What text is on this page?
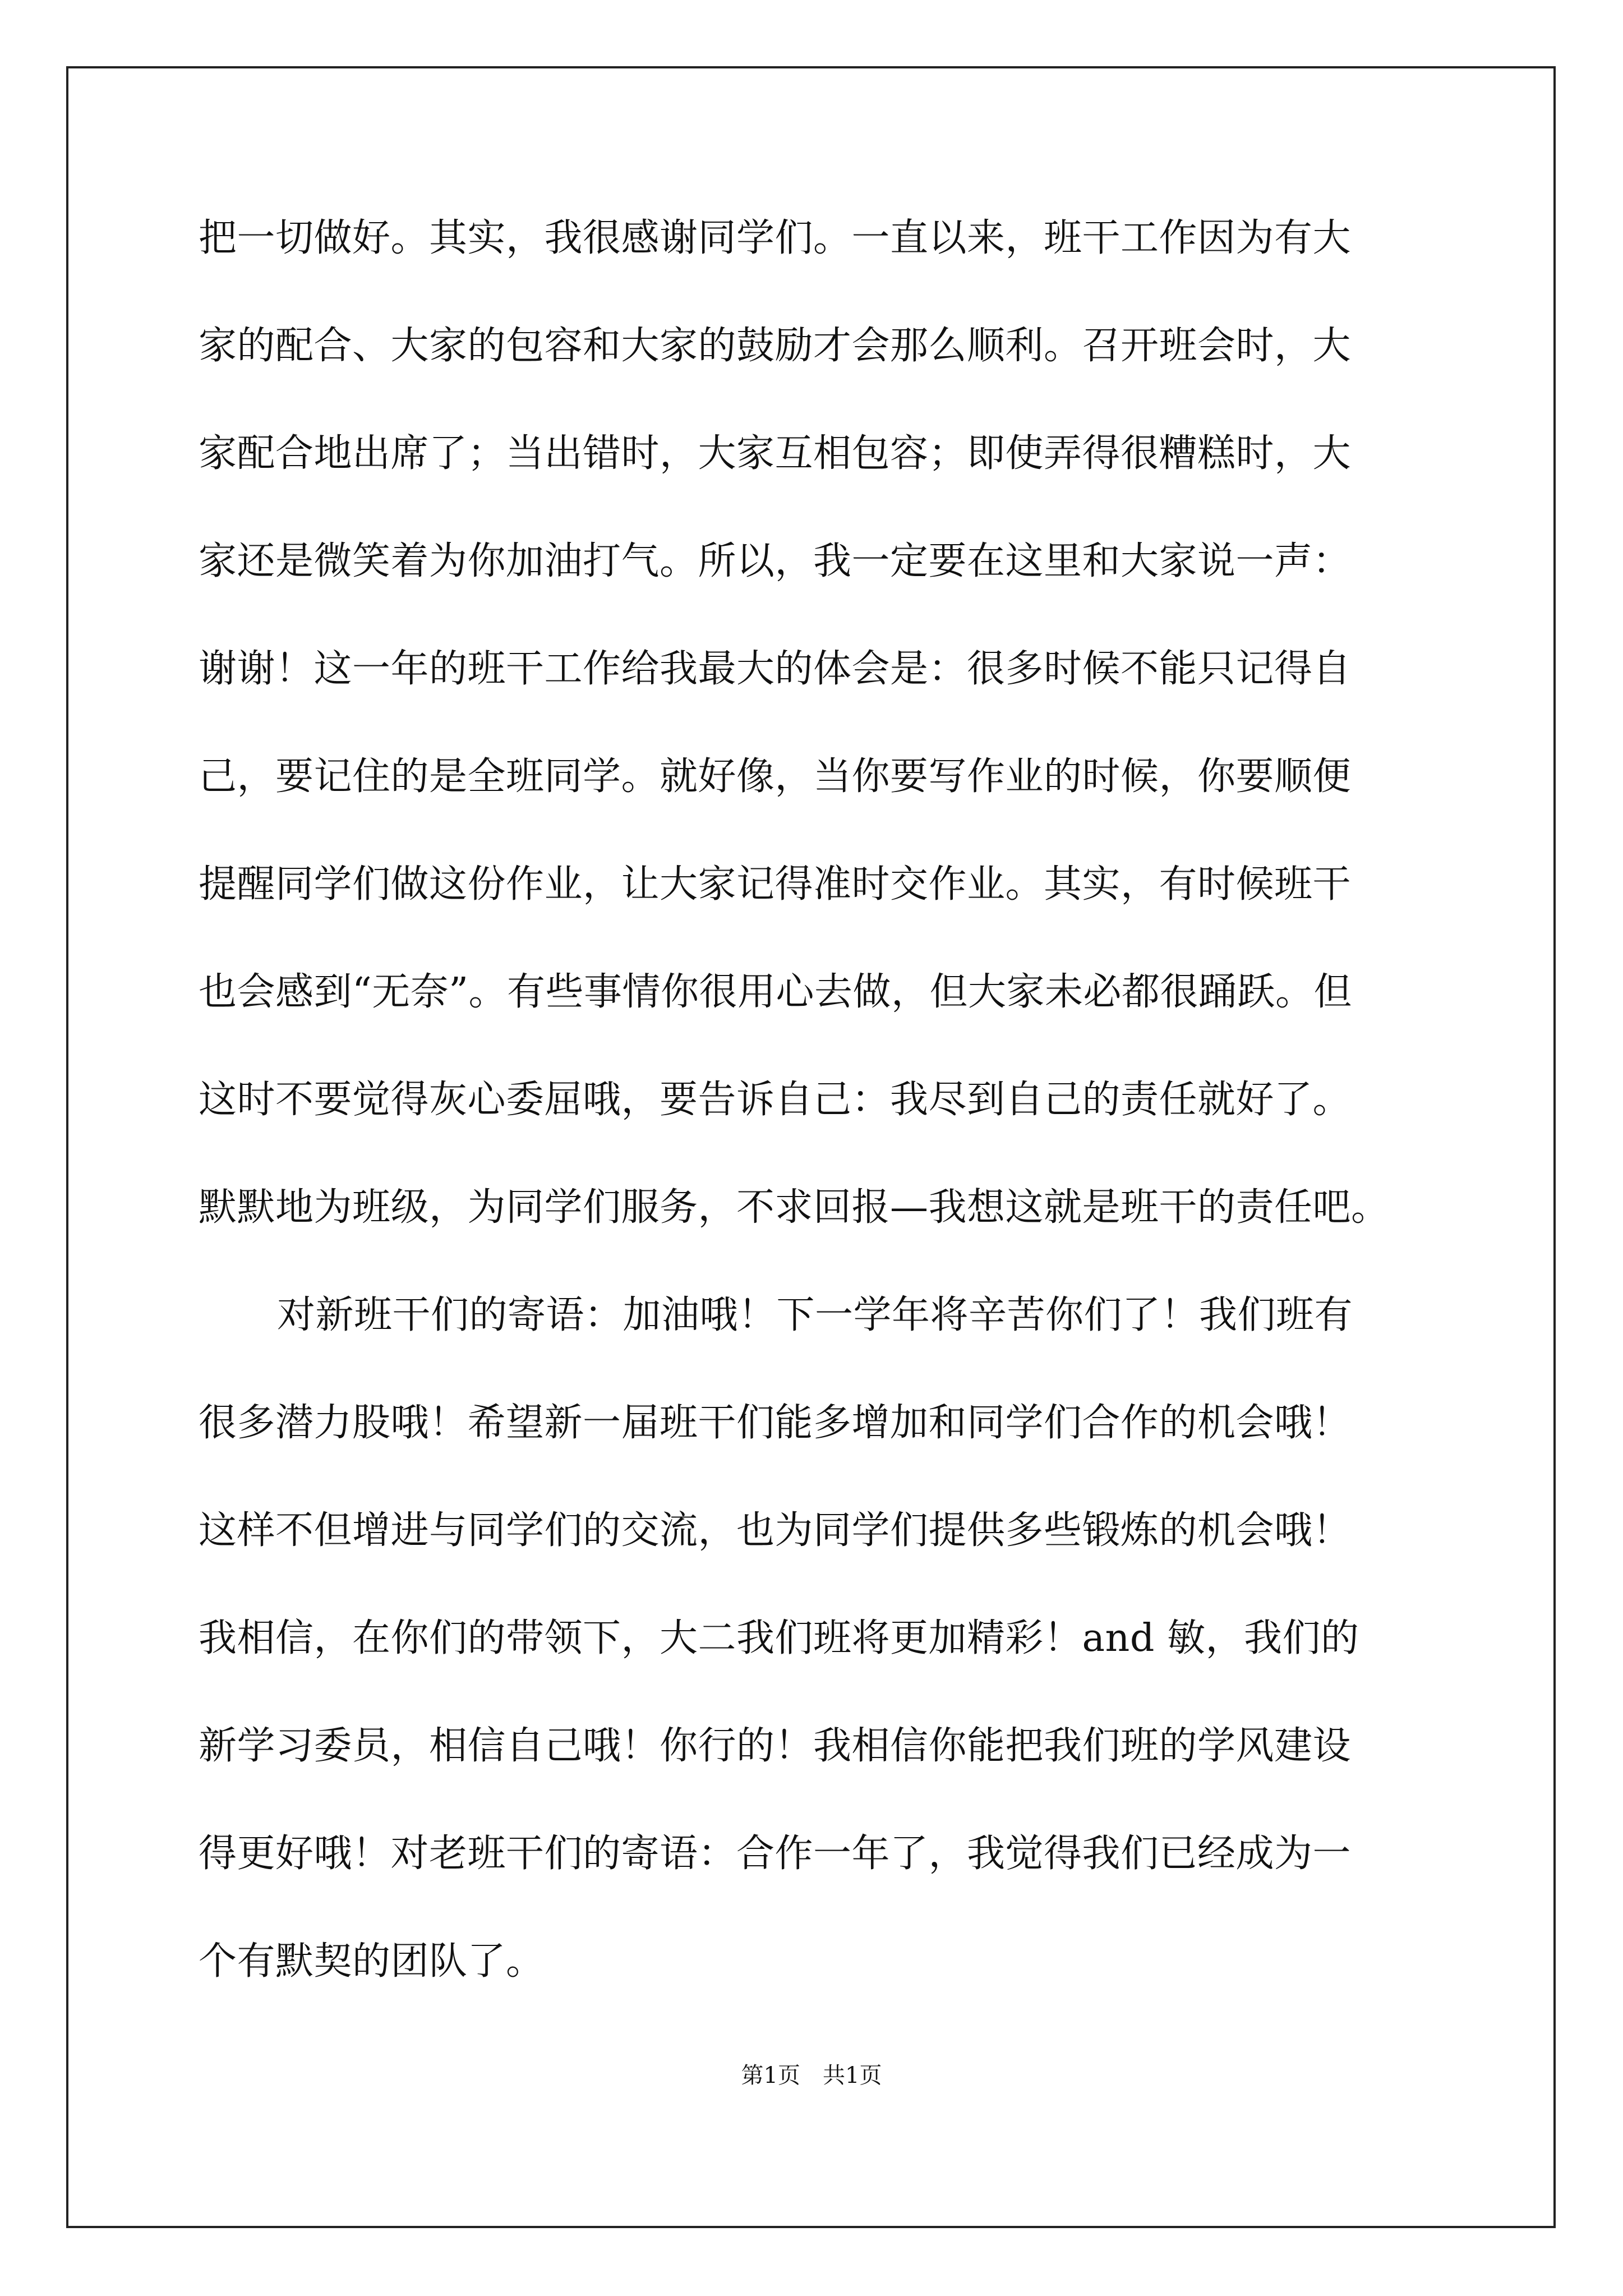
把一切做好。其实，我很感谢同学们。一直以来，班干工作因为有大
家的配合、大家的包容和大家的鼓励才会那么顺利。召开班会时，大
家配合地出席了；当出错时，大家互相包容；即使弄得很糟糕时，大
家还是微笑着为你加油打气。所以，我一定要在这里和大家说一声：
谢谢！这一年的班干工作给我最大的体会是：很多时候不能只记得自
己，要记住的是全班同学。就好像，当你要写作业的时候，你要顺便
提醒同学们做这份作业，让大家记得准时交作业。其实，有时候班干
也会感到“无奈”。有些事情你很用心去做，但大家未必都很踊跃。但
这时不要觉得灰心委屈哦，要告诉自己：我尽到自己的责任就好了。
默默地为班级，为同学们服务，不求回报—我想这就是班干的责任吧。
对新班干们的寄语：加油哦！下一学年将辛苦你们了！我们班有
很多潜力股哦！希望新一届班干们能多增加和同学们合作的机会哦！
这样不但增进与同学们的交流，也为同学们提供多些锻炼的机会哦！
我相信，在你们的带领下，大二我们班将更加精彩！and 敏，我们的
新学习委员，相信自己哦！你行的！我相信你能把我们班的学风建设
得更好哦！对老班干们的寄语：合作一年了，我觉得我们已经成为一
个有默契的团队了。
第1页 共1页
